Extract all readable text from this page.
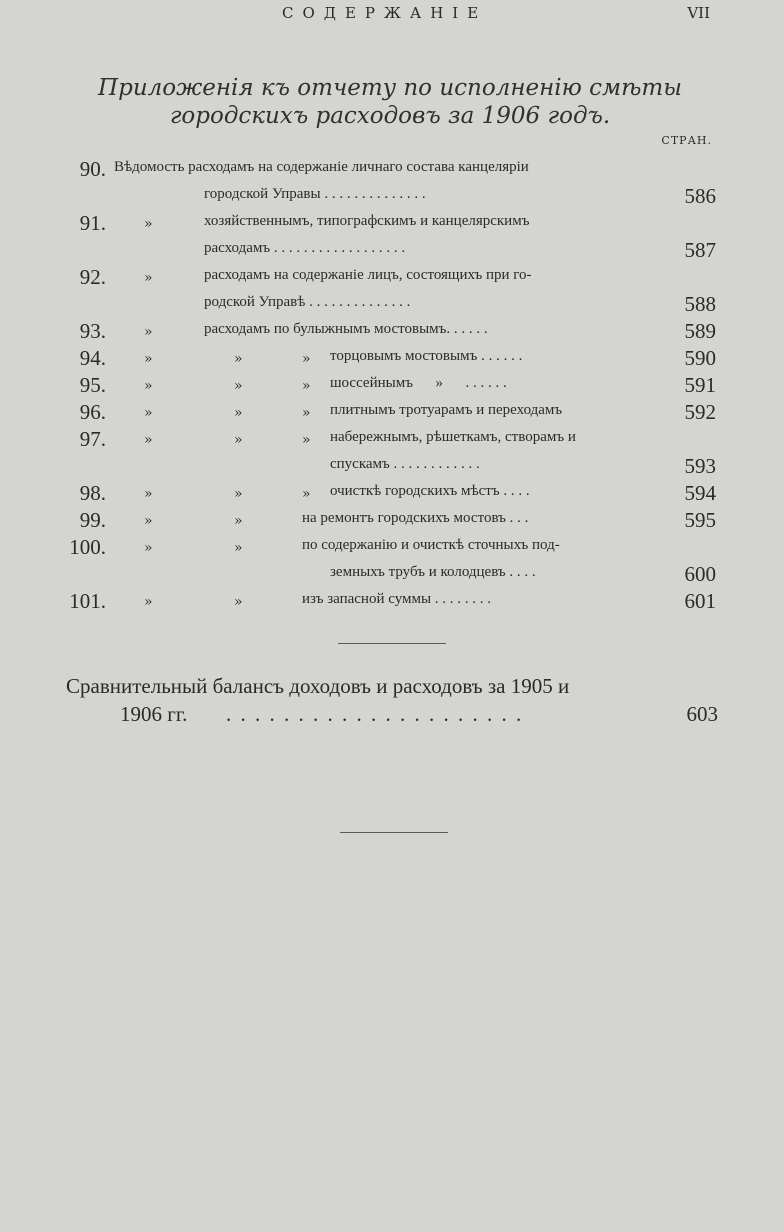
СОДЕРЖАНІЕ	VII
Приложенія къ отчету по исполненію смѣты
городскихъ расходовъ за 1906 годъ.
СТРАН.
90. Вѣдомость расходамъ на содержаніе личнаго состава канцеляріи
городской Управы . . . . . . . . . . . . . .	586
91.	»	хозяйственнымъ, типографскимъ и канцелярскимъ
расходамъ . . . . . . . . . . . . . . . . . .	587
92.	»	расходамъ на содержаніе лицъ, состоящихъ при го-
родской Управѣ . . . . . . . . . . . . . .	588
93.	»	расходамъ по булыжнымъ мостовымъ. . . . . .	589
94.	»	»	» торцовымъ мостовымъ . . . . . .	590
95.	»	»	» шоссейнымъ      »      . . . . . .	591
96.	»	»	» плитнымъ тротуарамъ и переходамъ	592
97.	»	»	» набережнымъ, рѣшеткамъ, створамъ и
спускамъ . . . . . . . . . . . .	593
98.	»	»	» очисткѣ городскихъ мѣстъ . . . .	594
99.	»	»	на ремонтъ городскихъ мостовъ . . .	595
100.	»	»	по содержанію и очисткѣ сточныхъ под-
земныхъ трубъ и колодцевъ . . . .	600
101.	»	»	изъ запасной суммы . . . . . . . .	601
Сравнительный балансъ доходовъ и расходовъ за 1905 и
1906 гг. . . . . . . . . . . . . . . . . . . . . .	603
